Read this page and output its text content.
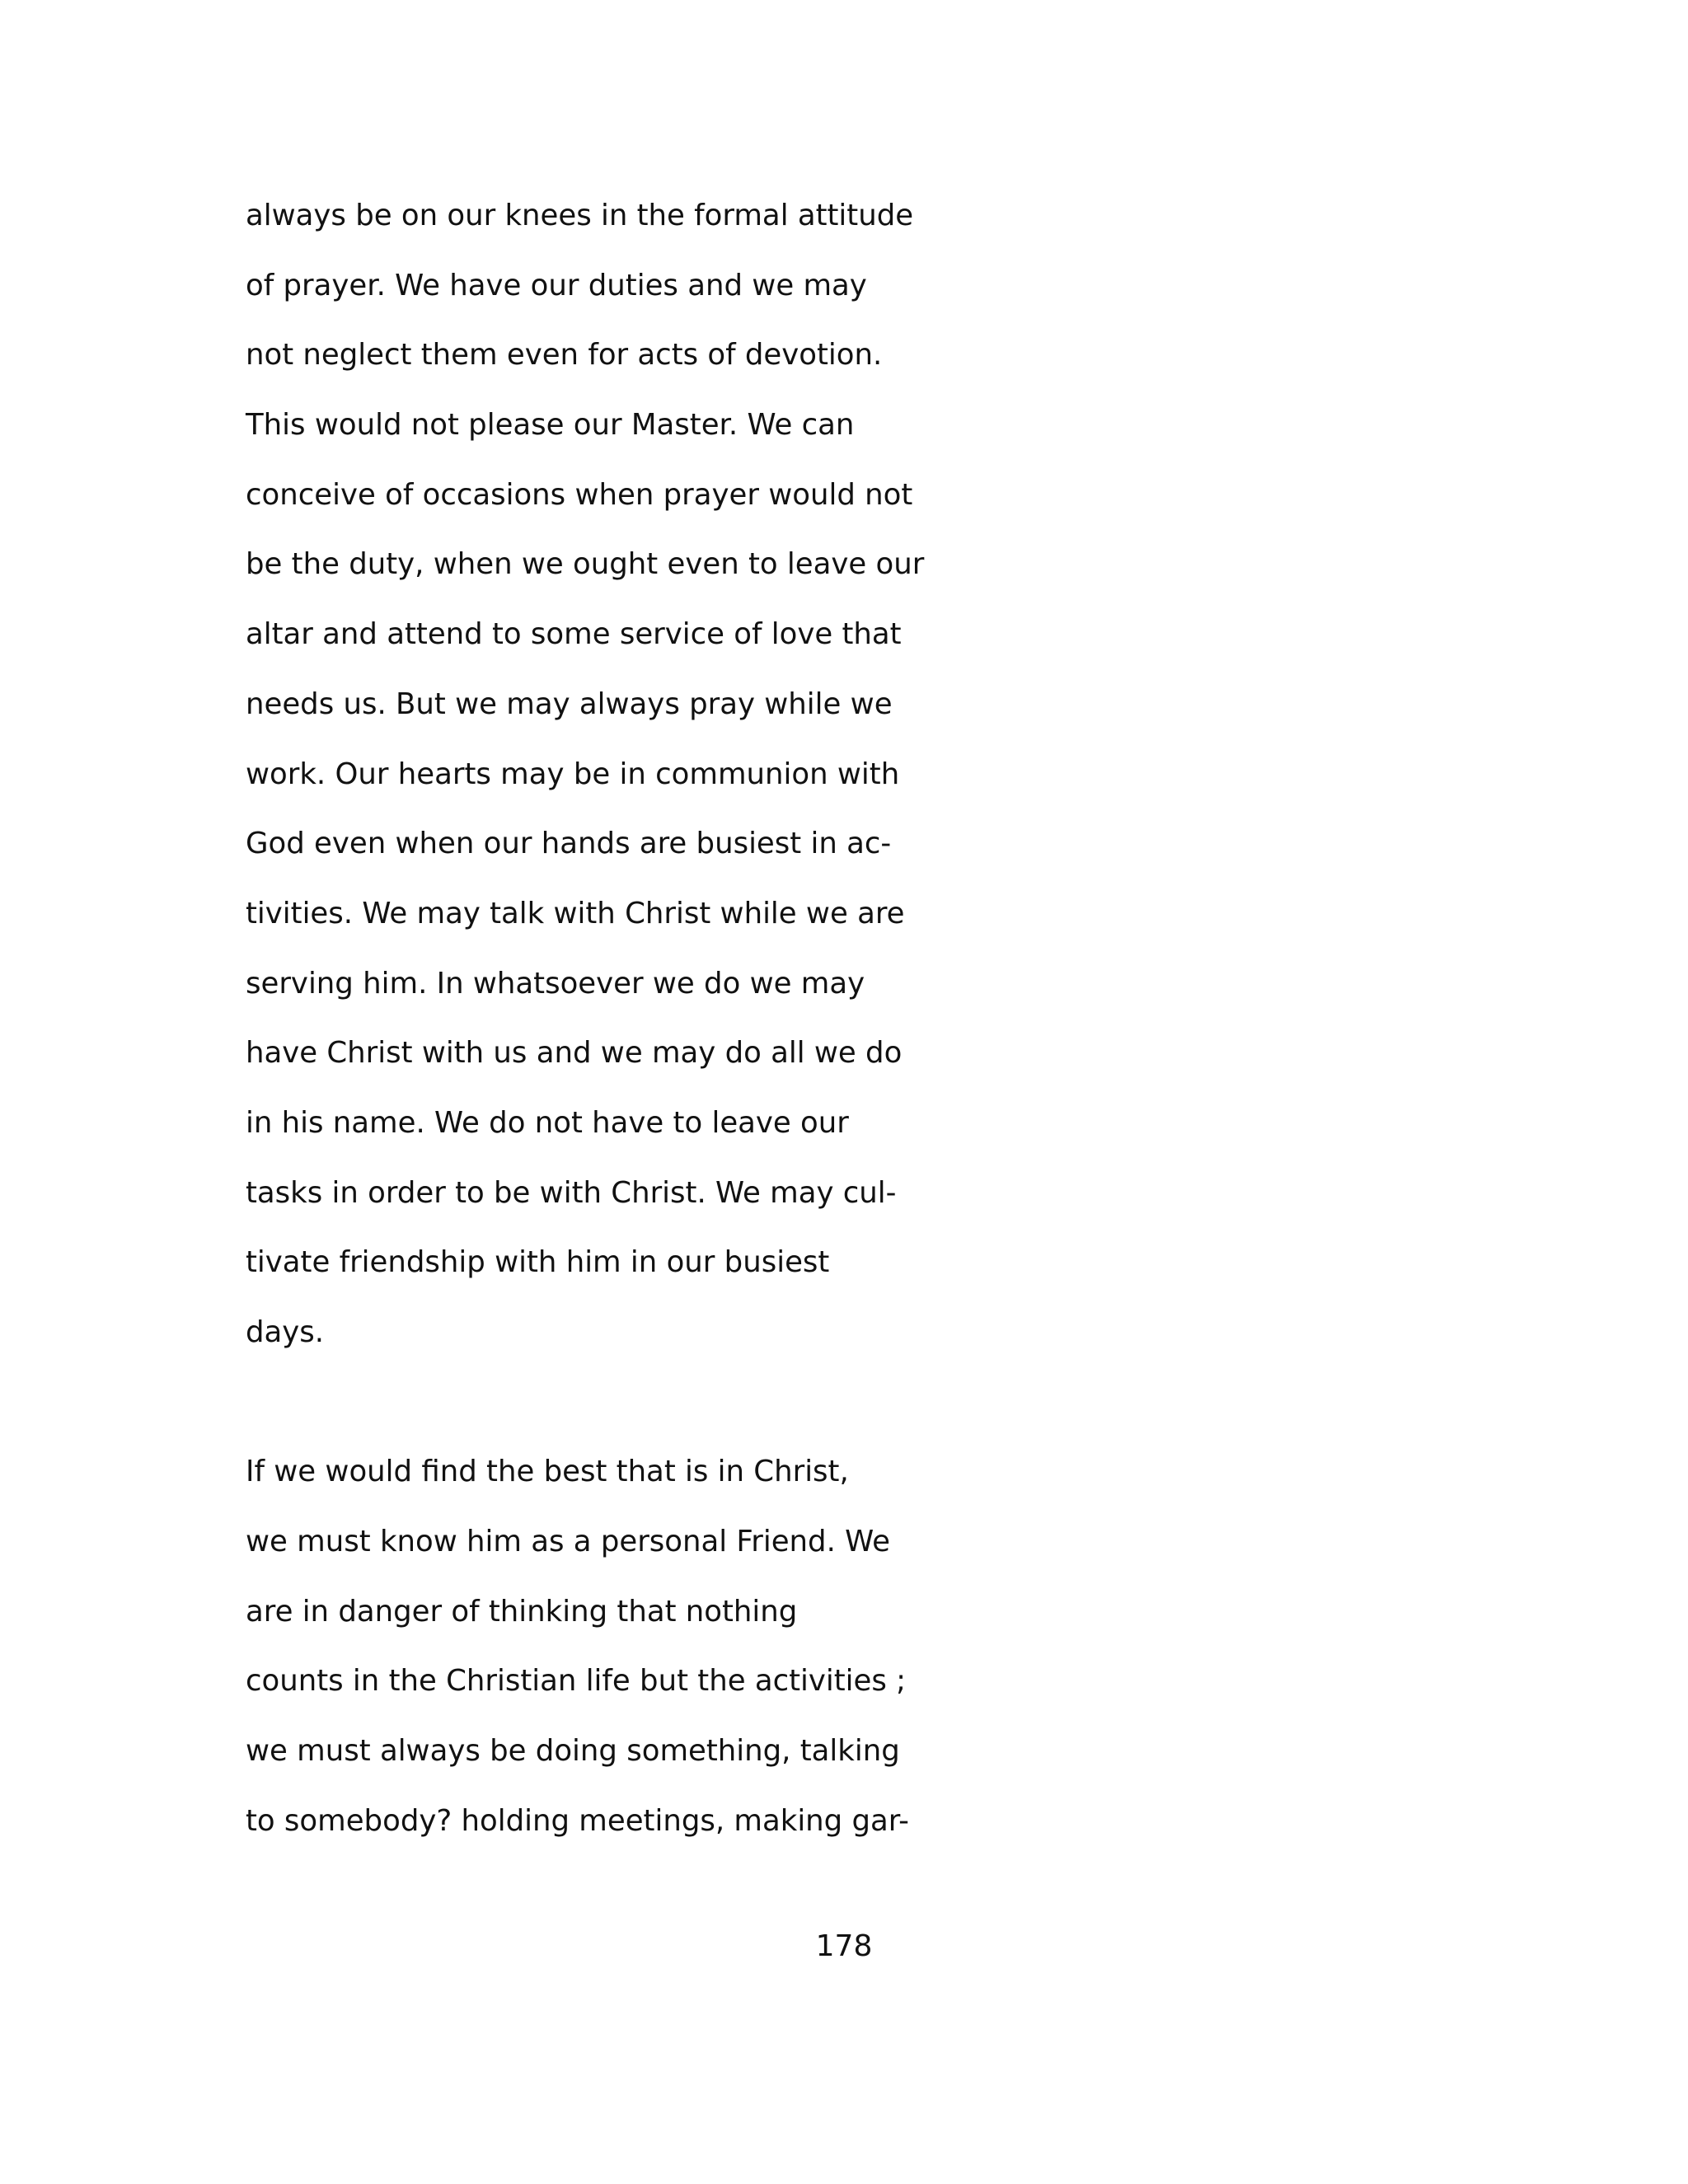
always be on our knees in the formal attitude
of prayer. We have our duties and we may
not neglect them even for acts of devotion.
This would not please our Master. We can
conceive of occasions when prayer would not
be the duty, when we ought even to leave our
altar and attend to some service of love that
needs us. But we may always pray while we
work. Our hearts may be in communion with
God even when our hands are busiest in ac-
tivities. We may talk with Christ while we are
serving him. In whatsoever we do we may
have Christ with us and we may do all we do
in his name. We do not have to leave our
tasks in order to be with Christ. We may cul-
tivate friendship with him in our busiest
days.
If we would find the best that is in Christ,
we must know him as a personal Friend. We
are in danger of thinking that nothing
counts in the Christian life but the activities ;
we must always be doing something, talking
to somebody? holding meetings, making gar-
178
